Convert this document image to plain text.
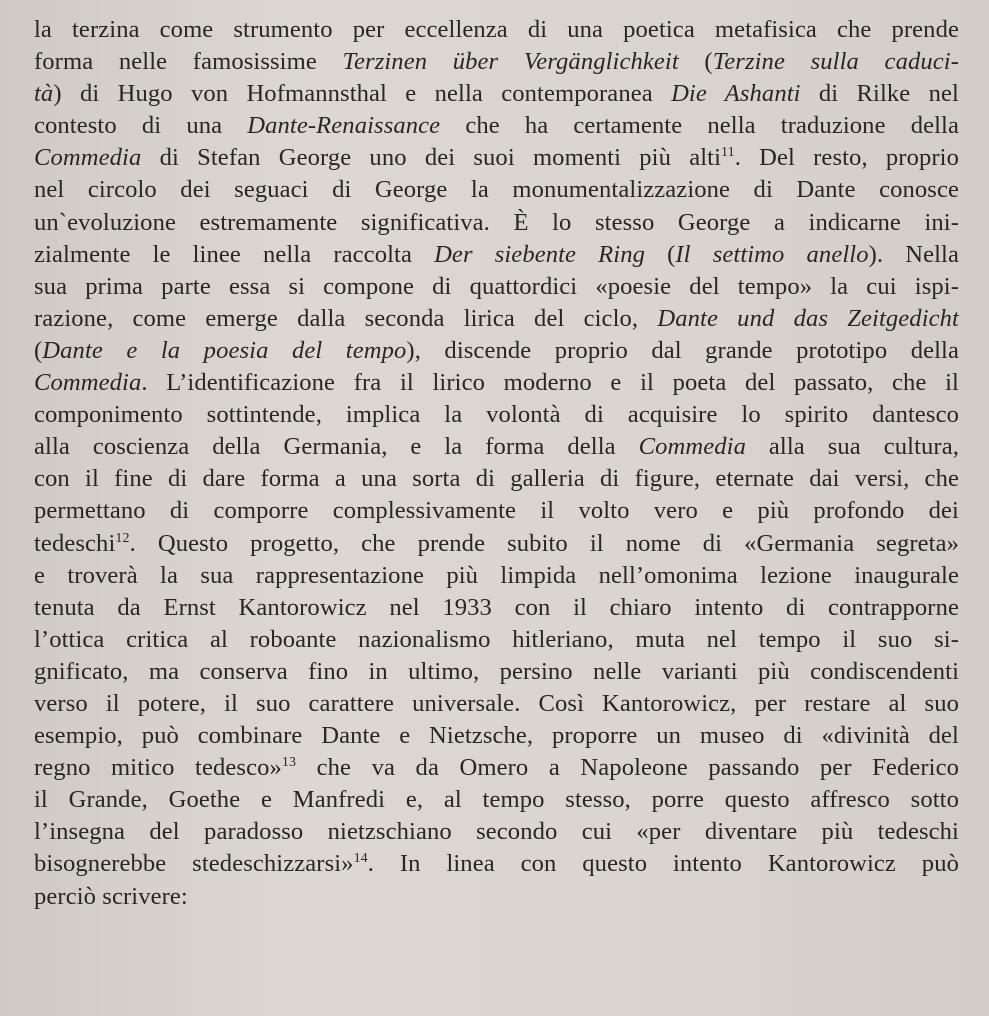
la terzina come strumento per eccellenza di una poetica metafisica che prende
forma nelle famosissime Terzinen über Vergänglichkeit (Terzine sulla caduci-
tà) di Hugo von Hofmannsthal e nella contemporanea Die Ashanti di Rilke nel
contesto di una Dante-Renaissance che ha certamente nella traduzione della
Commedia di Stefan George uno dei suoi momenti più alti$^{11}$. Del resto, proprio
nel circolo dei seguaci di George la monumentalizzazione di Dante conosce
un`evoluzione estremamente significativa. È lo stesso George a indicarne ini-
zialmente le linee nella raccolta Der siebente Ring (Il settimo anello). Nella
sua prima parte essa si compone di quattordici «poesie del tempo» la cui ispi-
razione, come emerge dalla seconda lirica del ciclo, Dante und das Zeitgedicht
(Dante e la poesia del tempo), discende proprio dal grande prototipo della
Commedia. L’identificazione fra il lirico moderno e il poeta del passato, che il
componimento sottintende, implica la volontà di acquisire lo spirito dantesco
alla coscienza della Germania, e la forma della Commedia alla sua cultura,
con il fine di dare forma a una sorta di galleria di figure, eternate dai versi, che
permettano di comporre complessivamente il volto vero e più profondo dei
tedeschi$^{12}$. Questo progetto, che prende subito il nome di «Germania segreta»
e troverà la sua rappresentazione più limpida nell’omonima lezione inaugurale
tenuta da Ernst Kantorowicz nel 1933 con il chiaro intento di contrapporne
l’ottica critica al roboante nazionalismo hitleriano, muta nel tempo il suo si-
gnificato, ma conserva fino in ultimo, persino nelle varianti più condiscendenti
verso il potere, il suo carattere universale. Così Kantorowicz, per restare al suo
esempio, può combinare Dante e Nietzsche, proporre un museo di «divinità del
regno mitico tedesco»$^{13}$ che va da Omero a Napoleone passando per Federico
il Grande, Goethe e Manfredi e, al tempo stesso, porre questo affresco sotto
l’insegna del paradosso nietzschiano secondo cui «per diventare più tedeschi
bisognerebbe stedeschizzarsi»$^{14}$. In linea con questo intento Kantorowicz può
perciò scrivere:
